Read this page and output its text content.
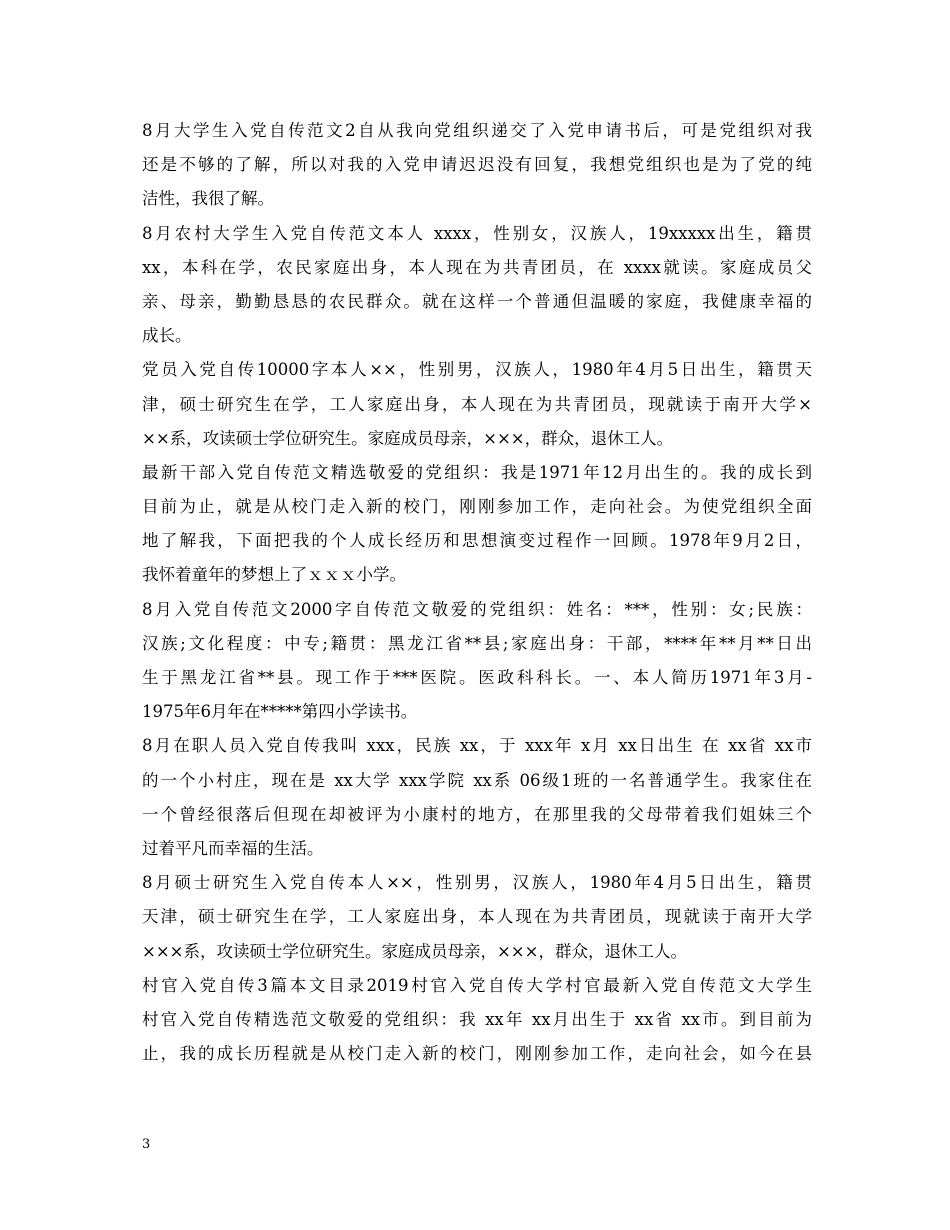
8月大学生入党自传范文2自从我向党组织递交了入党申请书后，可是党组织对我
还是不够的了解，所以对我的入党申请迟迟没有回复，我想党组织也是为了党的纯
洁性，我很了解。
8月农村大学生入党自传范文本人 xxxx，性别女，汉族人，19xxxxx出生，籍贯
xx，本科在学，农民家庭出身，本人现在为共青团员，在 xxxx就读。家庭成员父
亲、母亲，勤勤恳恳的农民群众。就在这样一个普通但温暖的家庭，我健康幸福的
成长。
党员入党自传10000字本人××，性别男，汉族人，1980年4月5日出生，籍贯天
津，硕士研究生在学，工人家庭出身，本人现在为共青团员，现就读于南开大学×
××系，攻读硕士学位研究生。家庭成员母亲，×××，群众，退休工人。
最新干部入党自传范文精选敬爱的党组织：我是1971年12月出生的。我的成长到
目前为止，就是从校门走入新的校门，刚刚参加工作，走向社会。为使党组织全面
地了解我，下面把我的个人成长经历和思想演变过程作一回顾。1978年9月2日，
我怀着童年的梦想上了ｘｘｘ小学。
8月入党自传范文2000字自传范文敬爱的党组织：姓名：***，性别：女;民族：
汉族;文化程度：中专;籍贯：黑龙江省**县;家庭出身：干部，****年**月**日出
生于黑龙江省**县。现工作于***医院。医政科科长。一、本人简历1971年3月-
1975年6月年在*****第四小学读书。
8月在职人员入党自传我叫 xxx，民族 xx，于 xxx年 x月 xx日出生 在 xx省 xx市
的一个小村庄，现在是 xx大学 xxx学院 xx系 06级1班的一名普通学生。我家住在
一个曾经很落后但现在却被评为小康村的地方，在那里我的父母带着我们姐妹三个
过着平凡而幸福的生活。
8月硕士研究生入党自传本人××，性别男，汉族人，1980年4月5日出生，籍贯
天津，硕士研究生在学，工人家庭出身，本人现在为共青团员，现就读于南开大学
×××系，攻读硕士学位研究生。家庭成员母亲，×××，群众，退休工人。
村官入党自传3篇本文目录2019村官入党自传大学村官最新入党自传范文大学生
村官入党自传精选范文敬爱的党组织：我 xx年 xx月出生于 xx省 xx市。到目前为
止，我的成长历程就是从校门走入新的校门，刚刚参加工作，走向社会，如今在县
3
